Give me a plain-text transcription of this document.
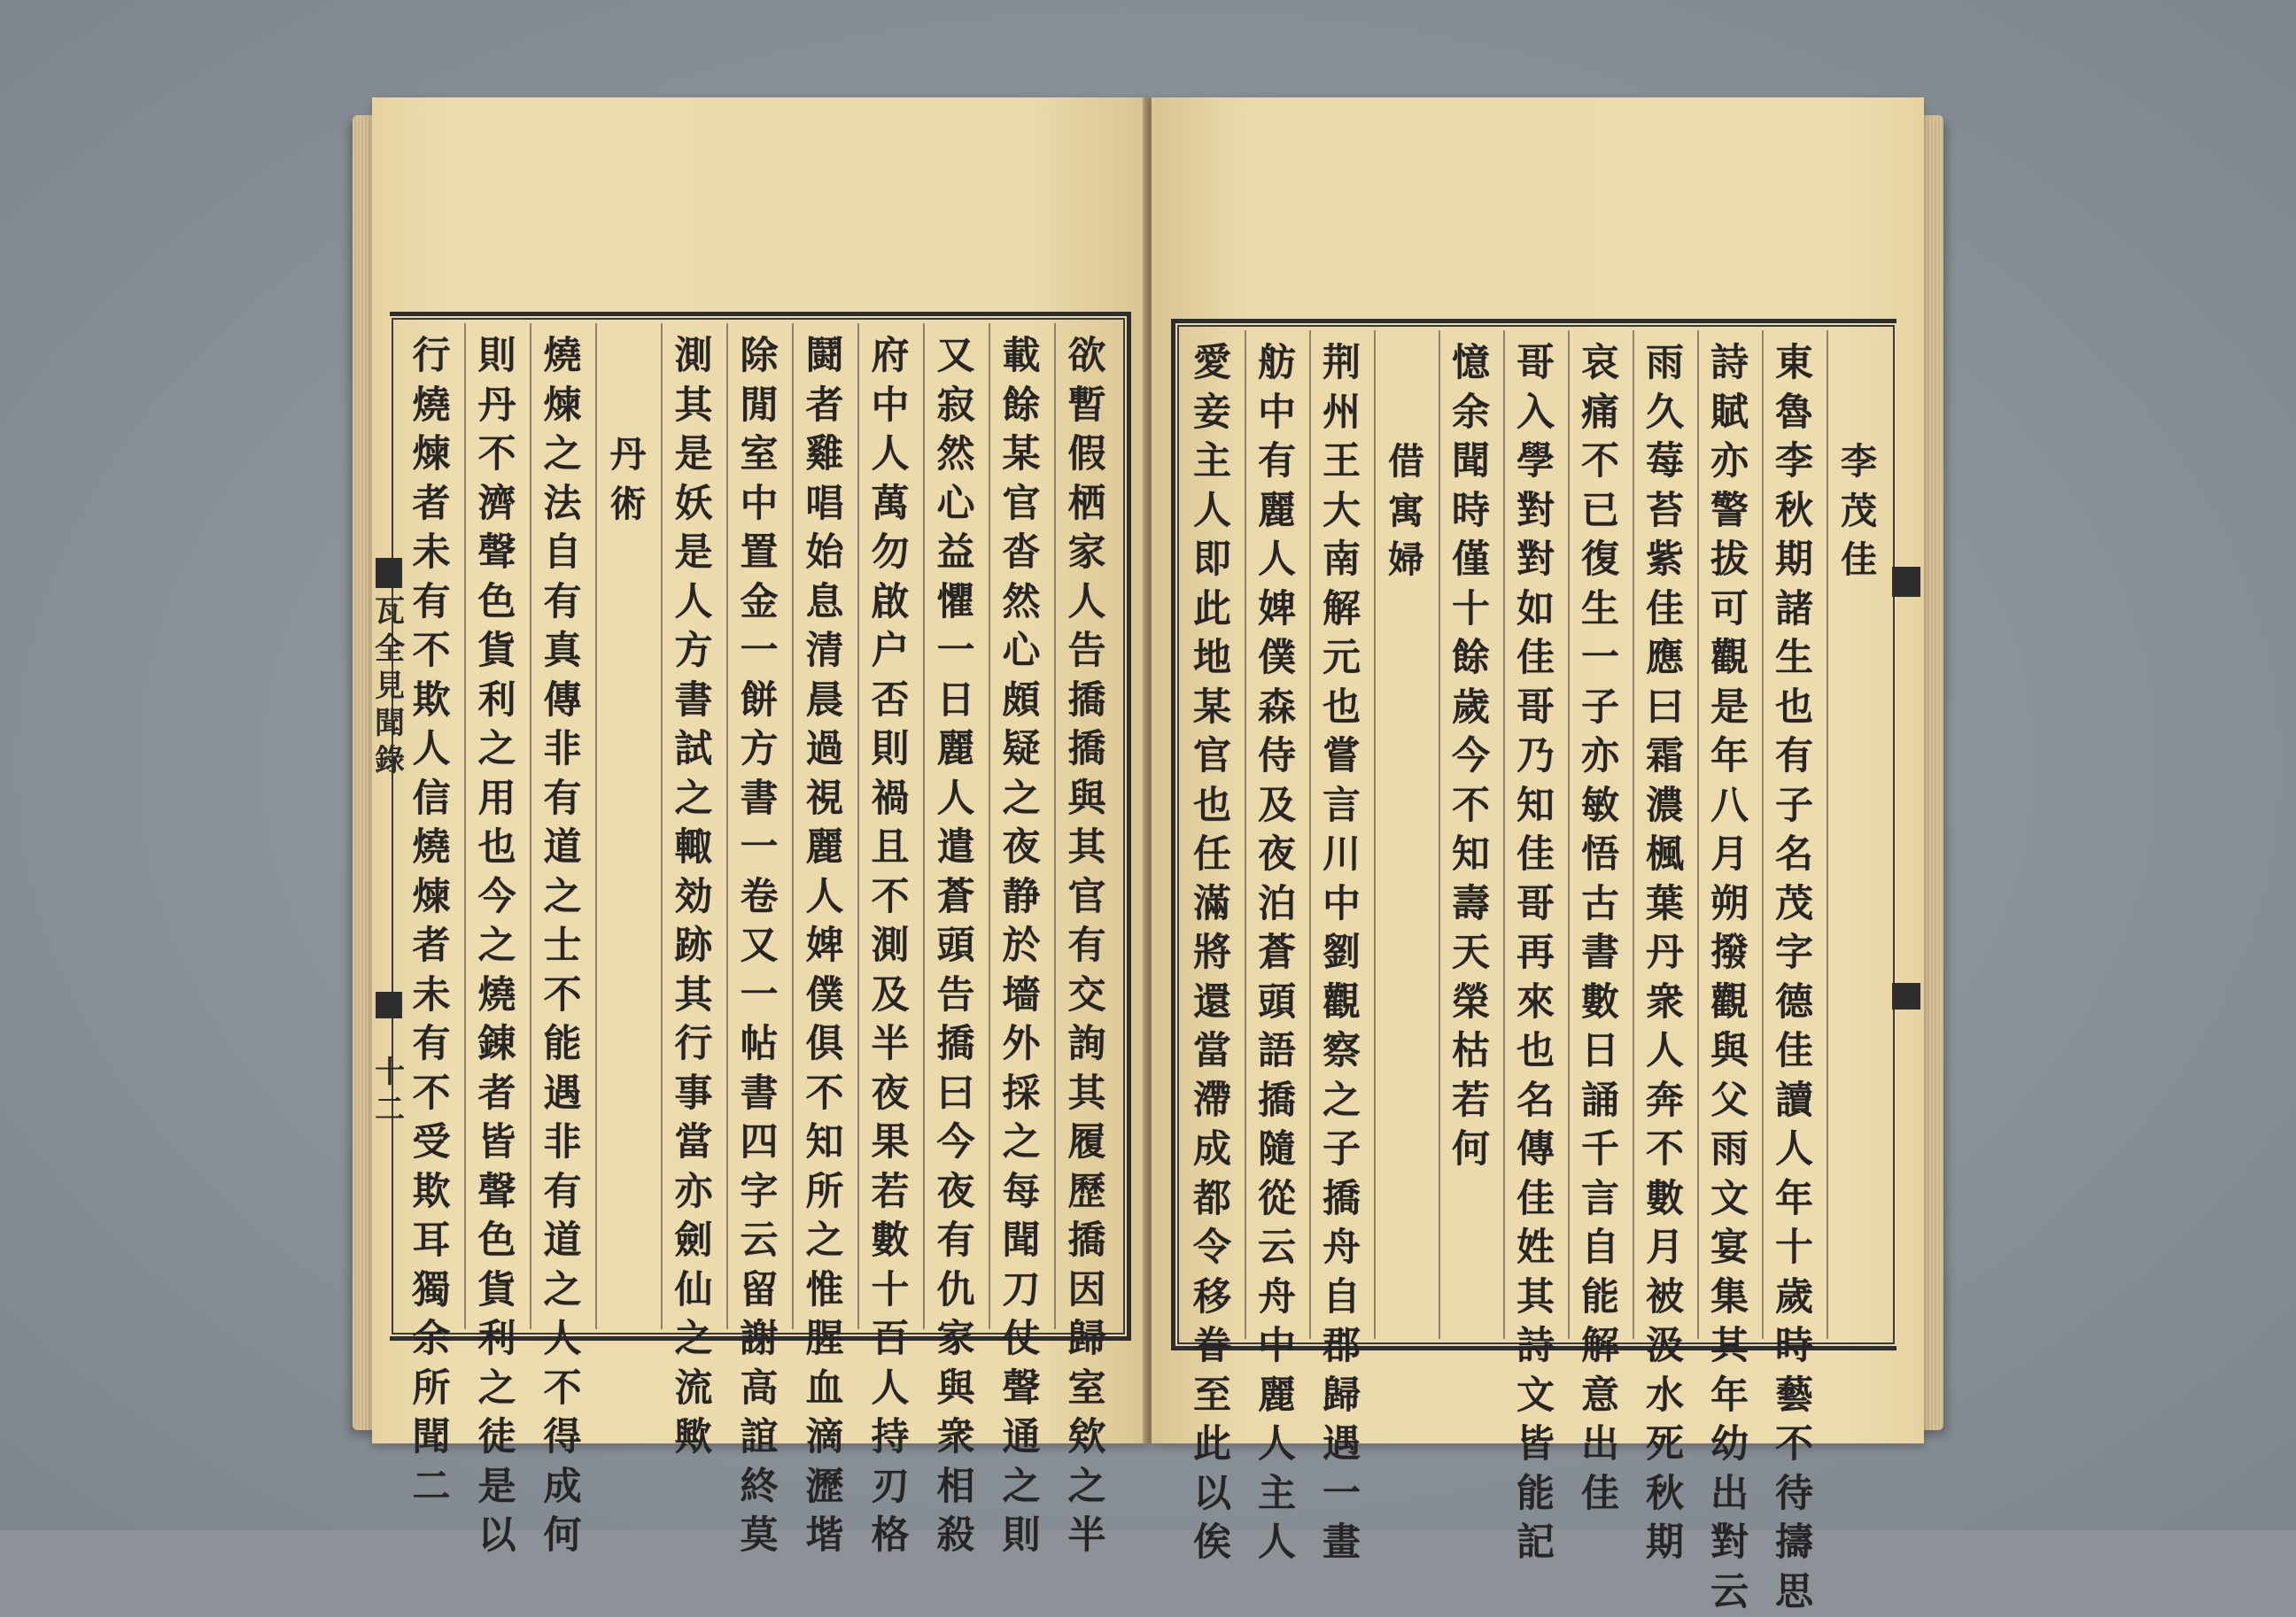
欲
暫
假
栖
家
人
告
撟
撟
與
其
官
有
交
詢
其
履
歷
撟
因
歸
室
欸
之
半
載
餘
某
官
沓
然
心
頗
疑
之
夜
静
於
墻
外
採
之
每
聞
刀
仗
聲
通
之
則
又
寂
然
心
益
懼
一
日
麗
人
遣
蒼
頭
告
撟
曰
今
夜
有
仇
家
與
衆
相
殺
府
中
人
萬
勿
啟
户
否
則
禍
且
不
測
及
半
夜
果
若
數
十
百
人
持
刃
格
鬪
者
雞
唱
始
息
清
晨
過
視
麗
人
婢
僕
俱
不
知
所
之
惟
腥
血
滴
瀝
堦
除
閒
室
中
置
金
一
餅
方
書
一
卷
又
一
帖
書
四
字
云
留
謝
高
誼
終
莫
測
其
是
妖
是
人
方
書
試
之
輙
効
跡
其
行
事
當
亦
劍
仙
之
流
歟

丹
術
燒
煉
之
法
自
有
真
傳
非
有
道
之
士
不
能
遇
非
有
道
之
人
不
得
成
何
則
丹
不
濟
聲
色
貨
利
之
用
也
今
之
燒
錬
者
皆
聲
色
貨
利
之
徒
是
以
行
燒
煉
者
未
有
不
欺
人
信
燒
煉
者
未
有
不
受
欺
耳
獨
余
所
聞
二
瓦
全
見
聞
錄
十
二

李
茂
佳
東
魯
李
秋
期
諸
生
也
有
子
名
茂
字
德
佳
讀
人
年
十
歲
時
藝
不
待
擣
思
詩
賦
亦
警
拔
可
觀
是
年
八
月
朔
撥
觀
與
父
雨
文
宴
集
其
年
幼
出
對
云
雨
久
莓
苔
紫
佳
應
曰
霜
濃
楓
葉
丹
衆
人
奔
不
數
月
被
汲
水
死
秋
期
哀
痛
不
已
復
生
一
子
亦
敏
悟
古
書
數
日
誦
千
言
自
能
解
意
出
佳
哥
入
學
對
對
如
佳
哥
乃
知
佳
哥
再
來
也
名
傳
佳
姓
其
詩
文
皆
能
記
憶
余
聞
時
僅
十
餘
歲
今
不
知
壽
天
榮
枯
若
何

借
寓
婦
荆
州
王
大
南
解
元
也
嘗
言
川
中
劉
觀
察
之
子
撟
舟
自
郡
歸
遇
一
畫
舫
中
有
麗
人
婢
僕
森
侍
及
夜
泊
蒼
頭
語
撟
隨
從
云
舟
中
麗
人
主
人
愛
妾
主
人
即
此
地
某
官
也
任
滿
將
還
當
滯
成
都
令
移
眷
至
此
以
俟
